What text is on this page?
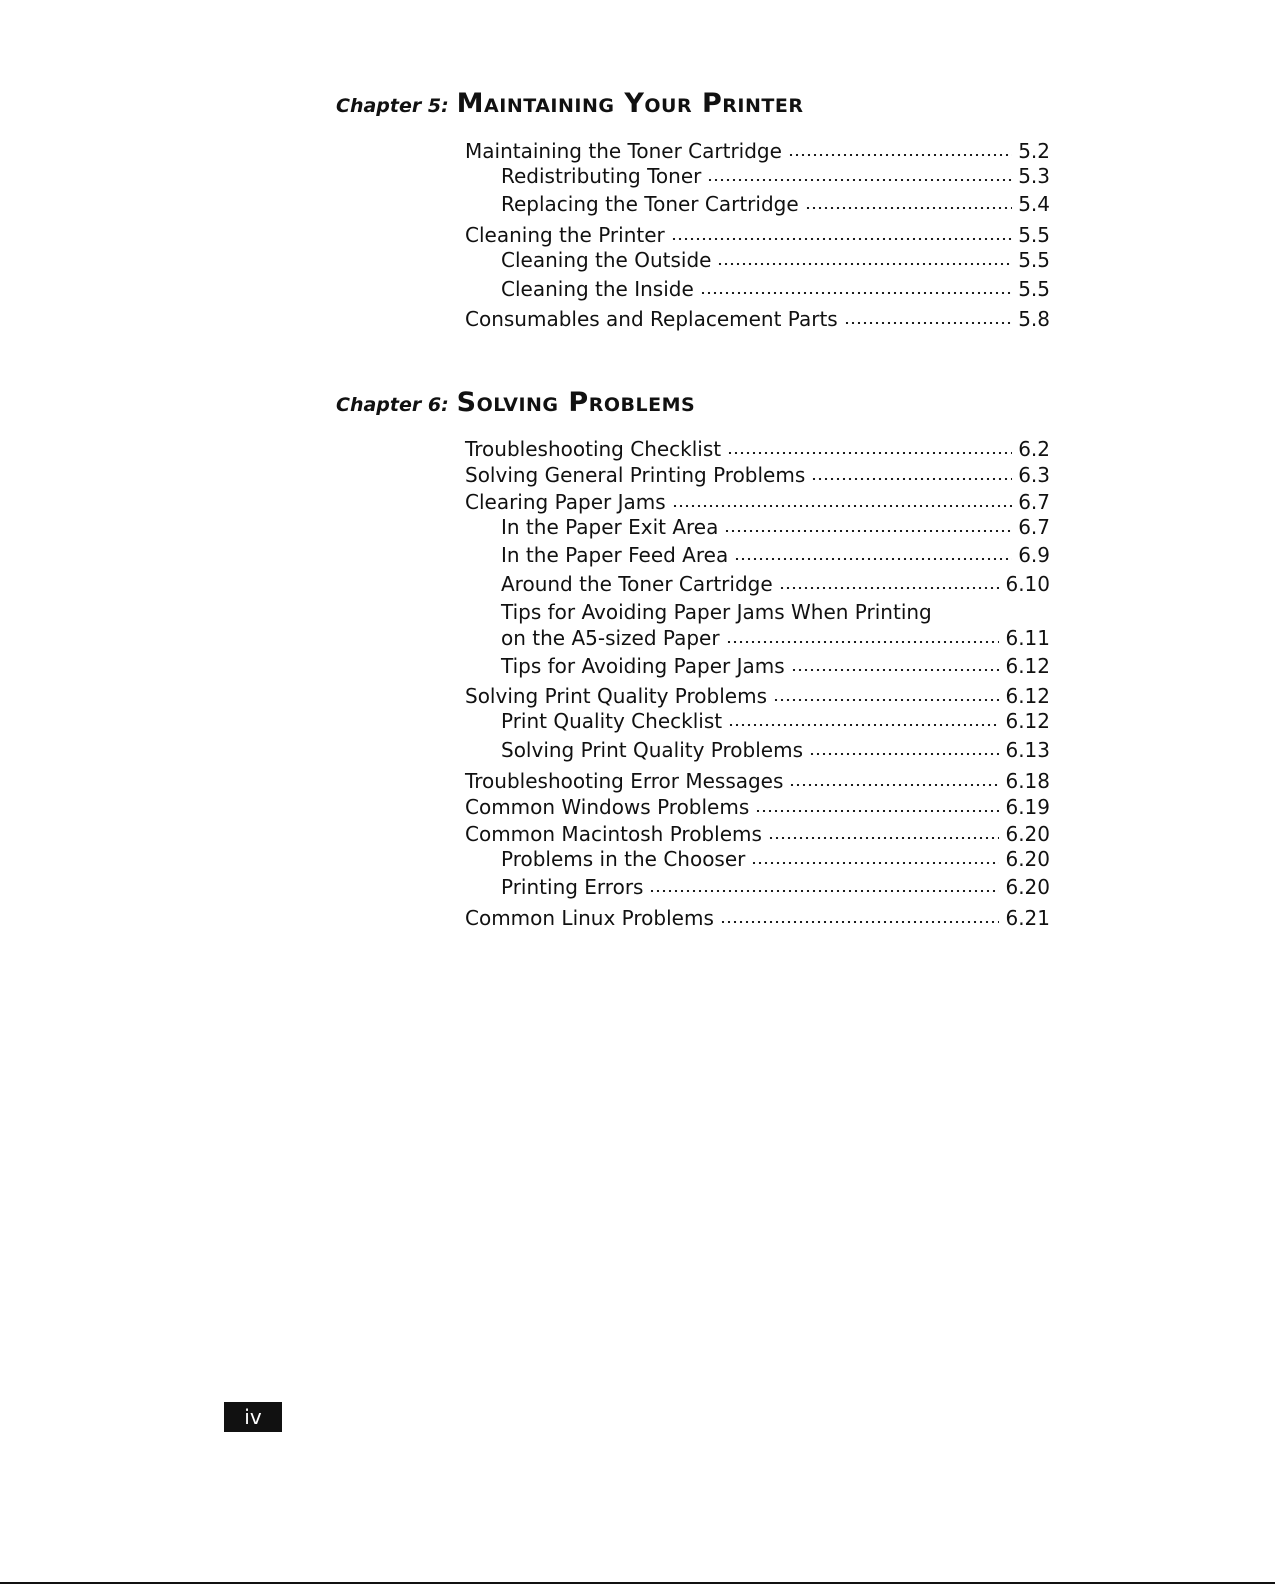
iv
Chapter 5: Maintaining Your Printer
Maintaining the Toner Cartridge	5.2
Redistributing Toner	5.3
Replacing the Toner Cartridge	5.4
Cleaning the Printer	5.5
Cleaning the Outside	5.5
Cleaning the Inside	5.5
Consumables and Replacement Parts	5.8
Chapter 6: Solving Problems
Troubleshooting Checklist	6.2
Solving General Printing Problems	6.3
Clearing Paper Jams	6.7
In the Paper Exit Area	6.7
In the Paper Feed Area	6.9
Around the Toner Cartridge	6.10
Tips for Avoiding Paper Jams When Printing
on the A5-sized Paper	6.11
Tips for Avoiding Paper Jams	6.12
Solving Print Quality Problems	6.12
Print Quality Checklist	6.12
Solving Print Quality Problems	6.13
Troubleshooting Error Messages	6.18
Common Windows Problems	6.19
Common Macintosh Problems	6.20
Problems in the Chooser	6.20
Printing Errors	6.20
Common Linux Problems	6.21
